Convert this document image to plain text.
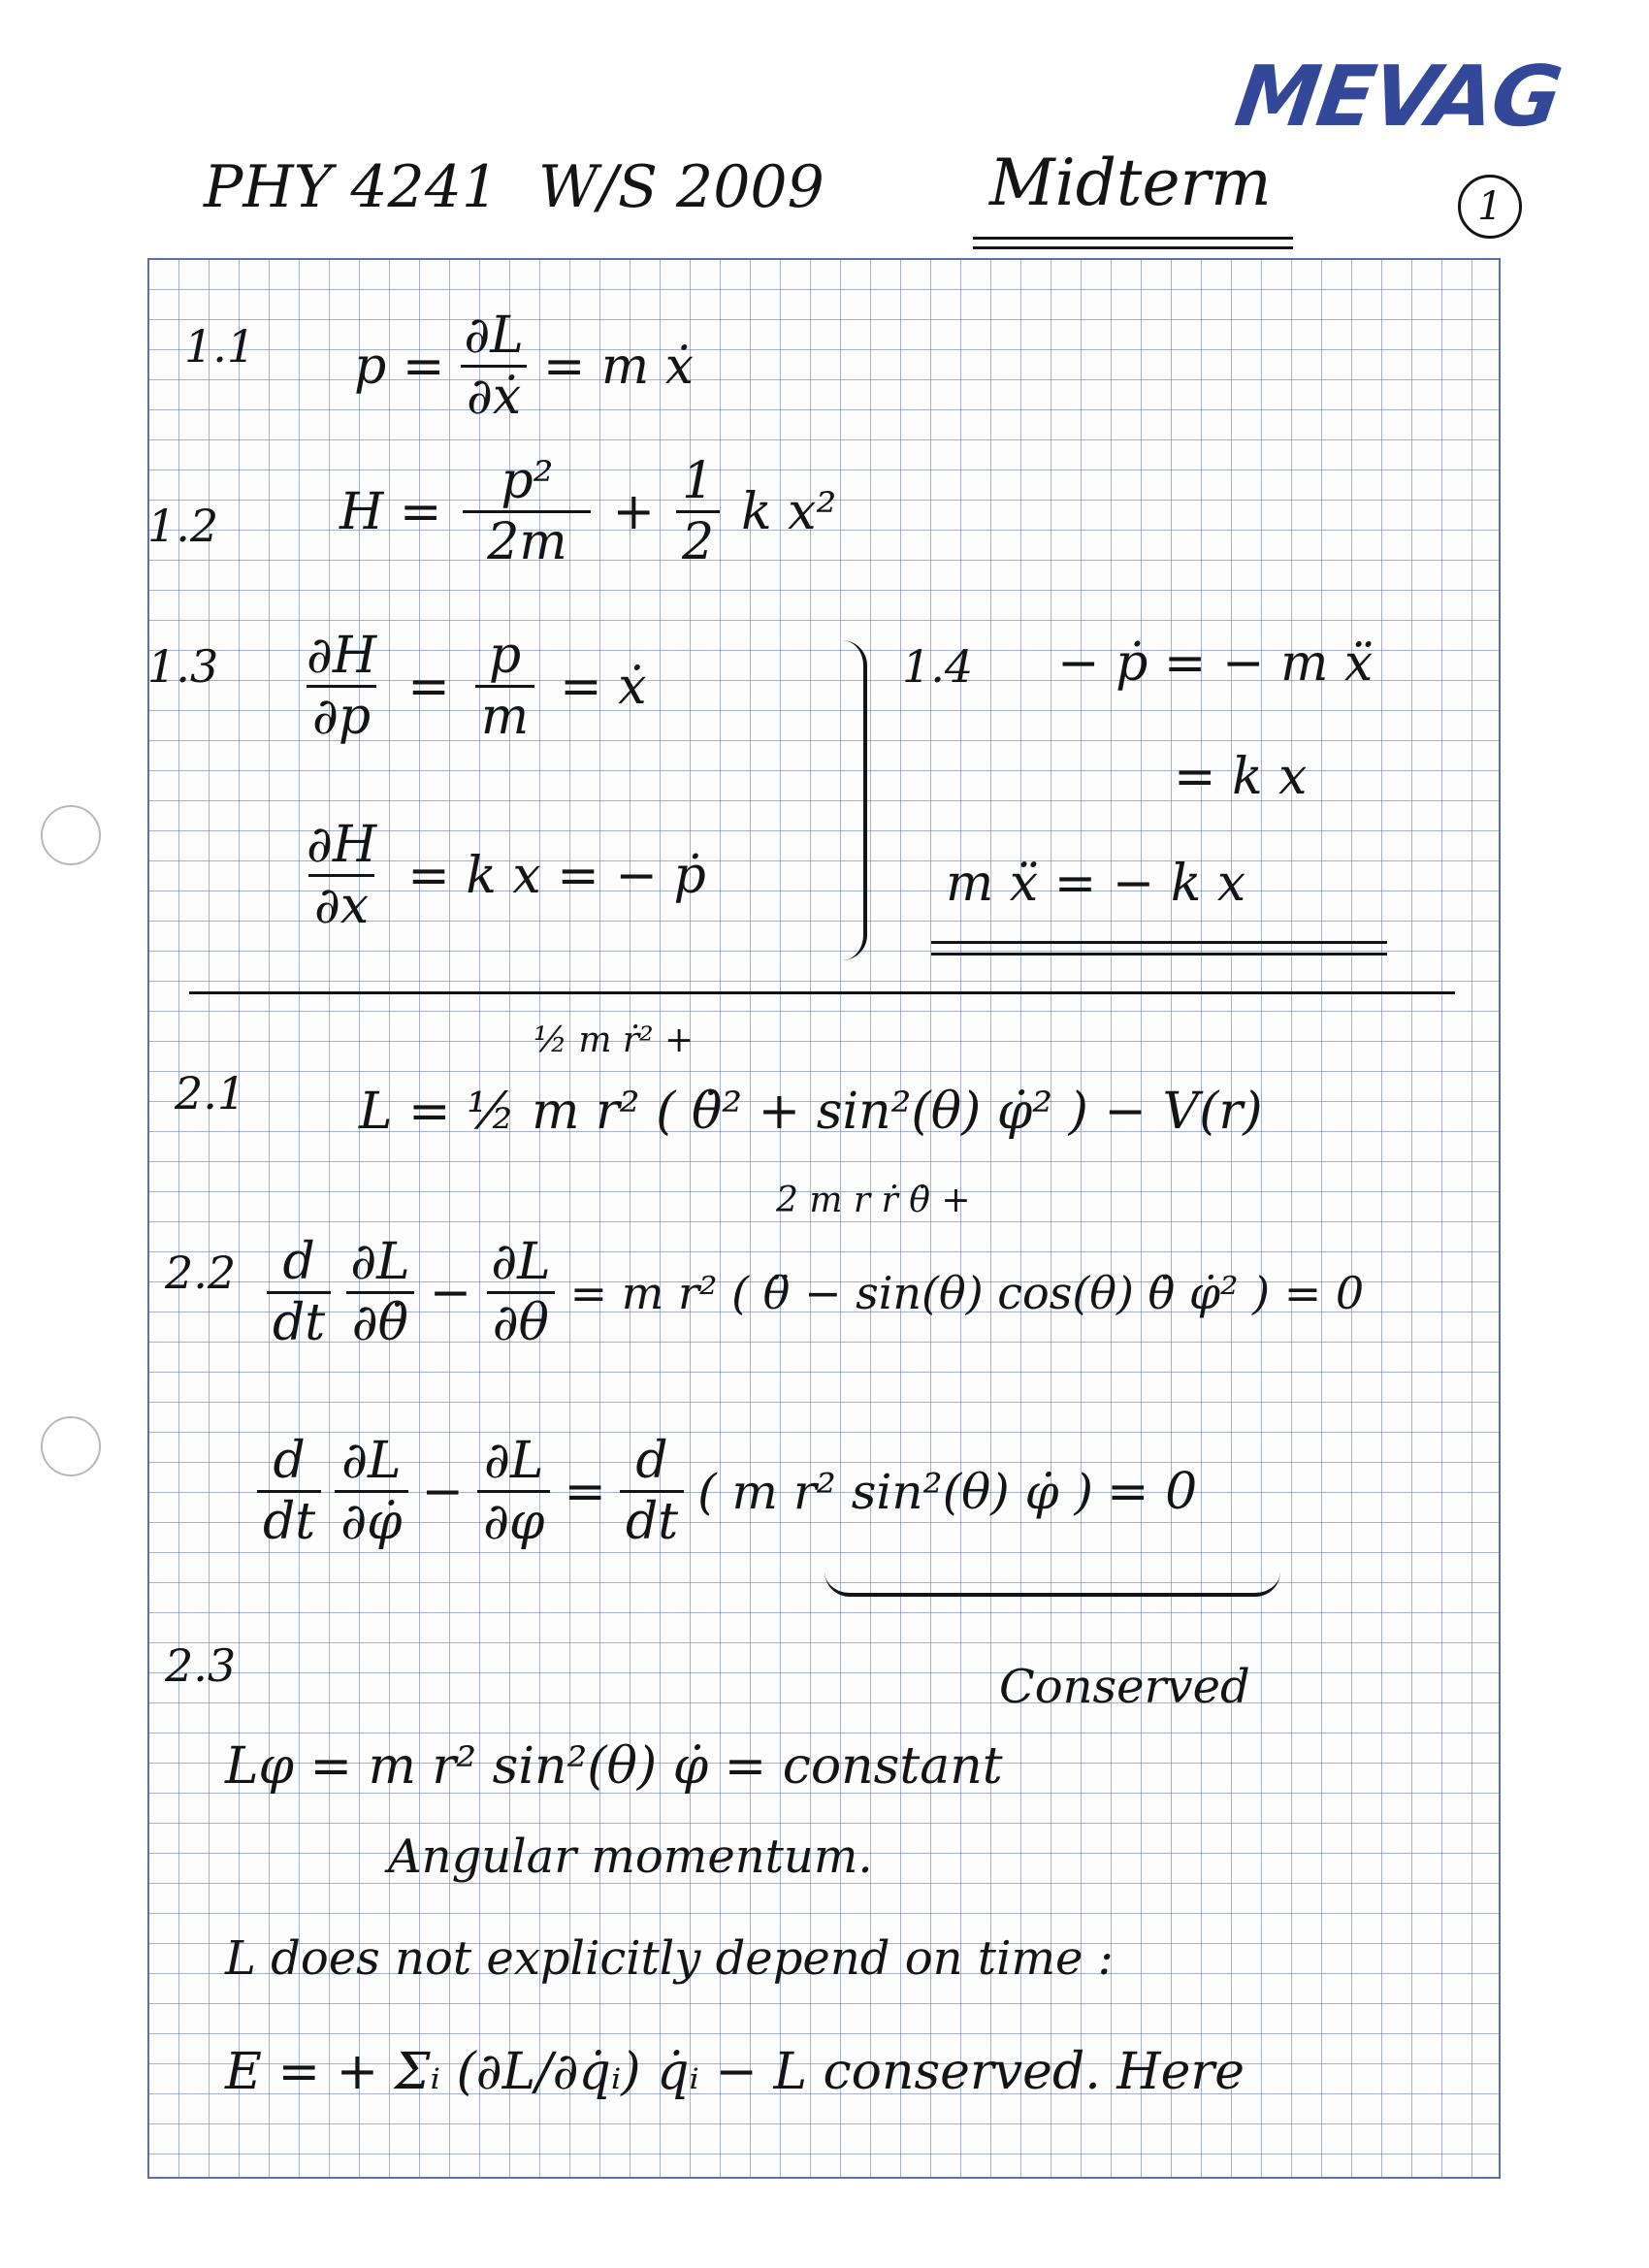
MEVAG
PHY 4241 W/S 2009	Midterm	1
1.1 $p = \frac{\partial L}{\text{∂ẋ}} = m$ ẋ
1.2 $H = \frac{\text{p²}}{2m} + \frac{1}{2}$ k x²
$1.3 \frac{\partial H}{\partial p} = \frac{p}{m}$ = ẋ
$\frac{\partial H}{\partial x} = k$ x = − ṗ
1.4 − ṗ = − m ẍ
= k x
m ẍ = − k x
2.1
½ m ṙ² +
L = ½ m r² ( θ̇² + sin²(θ) φ̇² ) − V(r)
2.2
2 m r ṙ θ̇ +
$\frac{d}{dt} \frac{\partial L}{\partial\thetȧ} - \frac{\partial L}{\partial\theta} = m$ r² ( θ̈ − sin(θ) cos(θ) θ̇ φ̇² ) = 0
$\frac{d}{dt} \frac{\partial L}{\partial\varphi̇} - \frac{\partial L}{\partial\varphi} = \frac{d}{dt}$ ( m r² sin²(θ) φ̇ ) = 0
2.3	Conserved
Lφ = m r² sin²(θ) φ̇ = constant
Angular momentum.
L does not explicitly depend on time :
E = + Σᵢ (∂L/∂q̇ᵢ) q̇ᵢ − L conserved. Here
